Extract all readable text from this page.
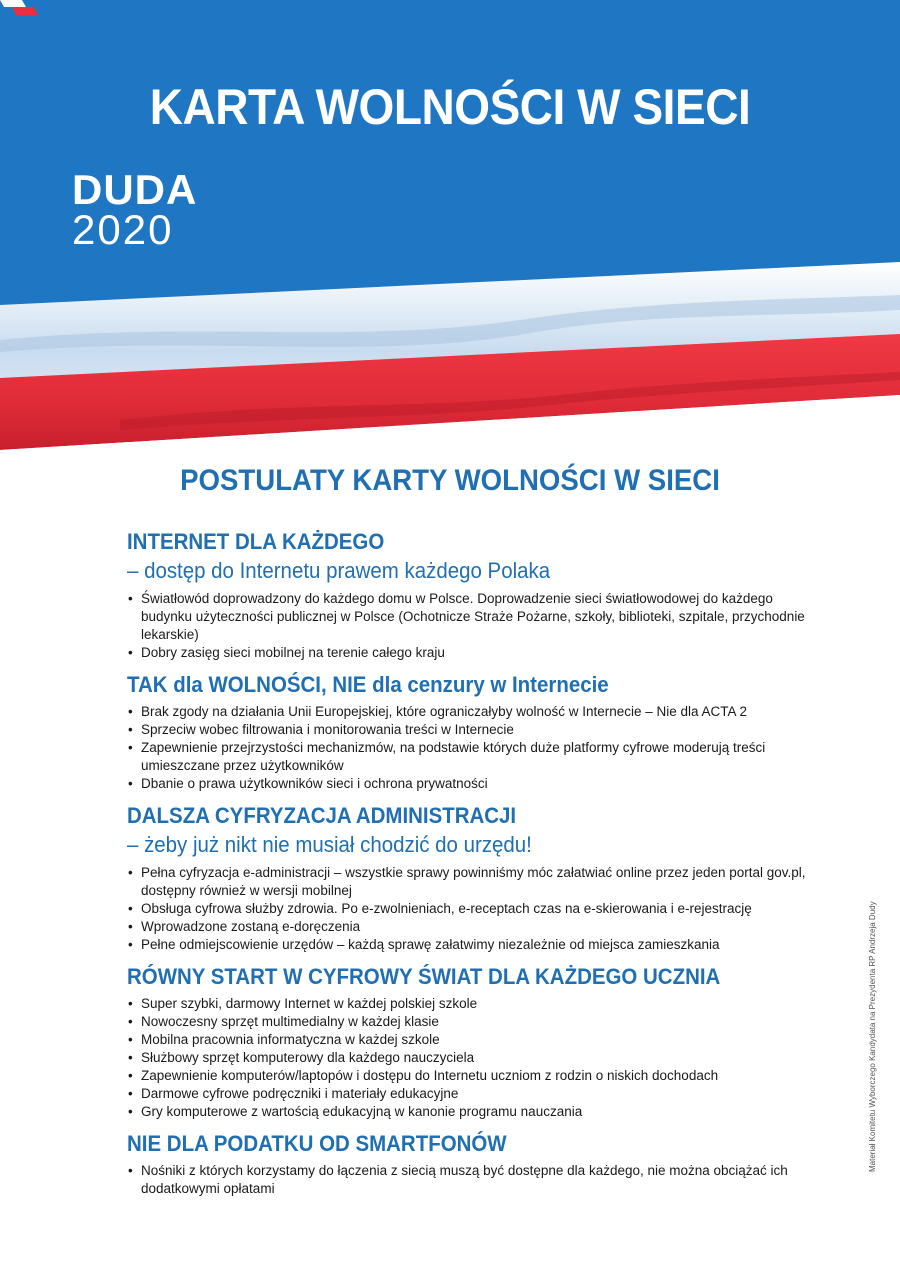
KARTA WOLNOŚCI W SIECI
DUDA
2020
POSTULATY KARTY WOLNOŚCI W SIECI
INTERNET DLA KAŻDEGO
– dostęp do Internetu prawem każdego Polaka
• Światłowód doprowadzony do każdego domu w Polsce. Doprowadzenie sieci światłowodowej do każdego budynku użyteczności publicznej w Polsce (Ochotnicze Straże Pożarne, szkoły, biblioteki, szpitale, przychodnie lekarskie)
• Dobry zasięg sieci mobilnej na terenie całego kraju
TAK dla WOLNOŚCI, NIE dla cenzury w Internecie
• Brak zgody na działania Unii Europejskiej, które ograniczałyby wolność w Internecie – Nie dla ACTA 2
• Sprzeciw wobec filtrowania i monitorowania treści w Internecie
• Zapewnienie przejrzystości mechanizmów, na podstawie których duże platformy cyfrowe moderują treści umieszczane przez użytkowników
• Dbanie o prawa użytkowników sieci i ochrona prywatności
DALSZA CYFRYZACJA ADMINISTRACJI
– żeby już nikt nie musiał chodzić do urzędu!
• Pełna cyfryzacja e-administracji – wszystkie sprawy powinniśmy móc załatwiać online przez jeden portal gov.pl, dostępny również w wersji mobilnej
• Obsługa cyfrowa służby zdrowia. Po e-zwolnieniach, e-receptach czas na e-skierowania i e-rejestrację
• Wprowadzone zostaną e-doręczenia
• Pełne odmiejscowienie urzędów – każdą sprawę załatwimy niezależnie od miejsca zamieszkania
RÓWNY START W CYFROWY ŚWIAT DLA KAŻDEGO UCZNIA
• Super szybki, darmowy Internet w każdej polskiej szkole
• Nowoczesny sprzęt multimedialny w każdej klasie
• Mobilna pracownia informatyczna w każdej szkole
• Służbowy sprzęt komputerowy dla każdego nauczyciela
• Zapewnienie komputerów/laptopów i dostępu do Internetu uczniom z rodzin o niskich dochodach
• Darmowe cyfrowe podręczniki i materiały edukacyjne
• Gry komputerowe z wartością edukacyjną w kanonie programu nauczania
NIE DLA PODATKU OD SMARTFONÓW
• Nośniki z których korzystamy do łączenia z siecią muszą być dostępne dla każdego, nie można obciążać ich dodatkowymi opłatami
Materiał Komitetu Wyborczego Kandydata na Prezydenta RP Andrzeja Dudy
